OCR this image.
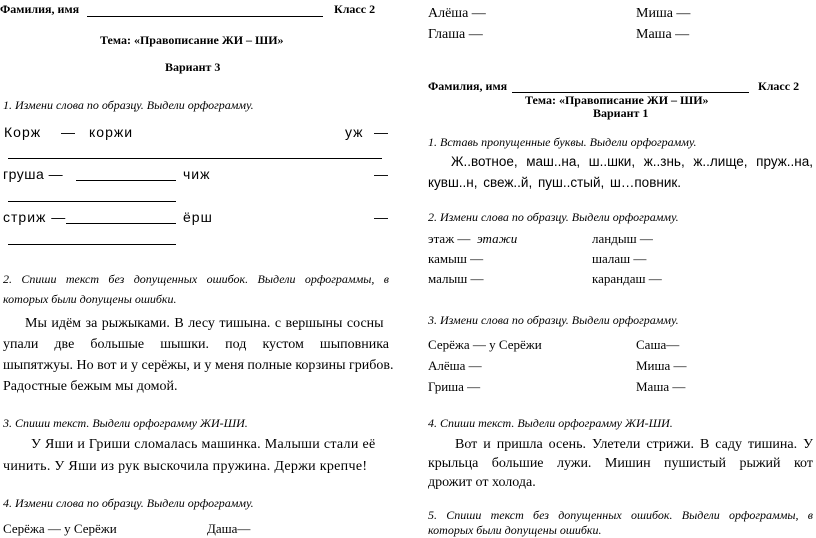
Фамилия, имя	Класс 2
Тема: «Правописание ЖИ – ШИ»
Вариант 3
1. Измени слова по образцу. Выдели орфограмму.
Корж — коржи	уж —
груша —	чиж	—
стриж —	ёрш	—
2. Спиши текст без допущенных ошибок. Выдели орфограммы, в
которых были допущены ошибки.
Мы идём за рыжыками. В лесу тишына. с вершыны сосны
упали две большые шышки. под кустом шыповника
шыпятжуы. Но вот и у серёжы, и у меня полные корзины грибов.
Радостные бежым мы домой.
3. Спиши текст. Выдели орфограмму ЖИ-ШИ.
У Яши и Гриши сломалась машинка. Малыши стали её
чинить. У Яши из рук выскочила пружина. Держи крепче!
4. Измени слова по образцу. Выдели орфограмму.
Серёжа — у Серёжи	Даша—
Алёша —	Миша —
Глаша —	Маша —
Фамилия, имя	Класс 2
Тема: «Правописание ЖИ – ШИ»
Вариант 1
1. Вставь пропущенные буквы. Выдели орфограмму.
Ж..вотное, маш..на, ш..шки, ж..знь, ж..лище, пруж..на,
кувш..н, свеж..й, пуш..стый, ш…повник.
2. Измени слова по образцу. Выдели орфограмму.
этаж — этажи	ландыш —
камыш —	шалаш —
малыш —	карандаш —
3. Измени слова по образцу. Выдели орфограмму.
Серёжа — у Серёжи	Саша—
Алёша —	Миша —
Гриша —	Маша —
4. Спиши текст. Выдели орфограмму ЖИ-ШИ.
Вот и пришла осень. Улетели стрижи. В саду тишина. У
крыльца большие лужи. Мишин пушистый рыжий кот
дрожит от холода.
5. Спиши текст без допущенных ошибок. Выдели орфограммы, в
которых были допущены ошибки.
